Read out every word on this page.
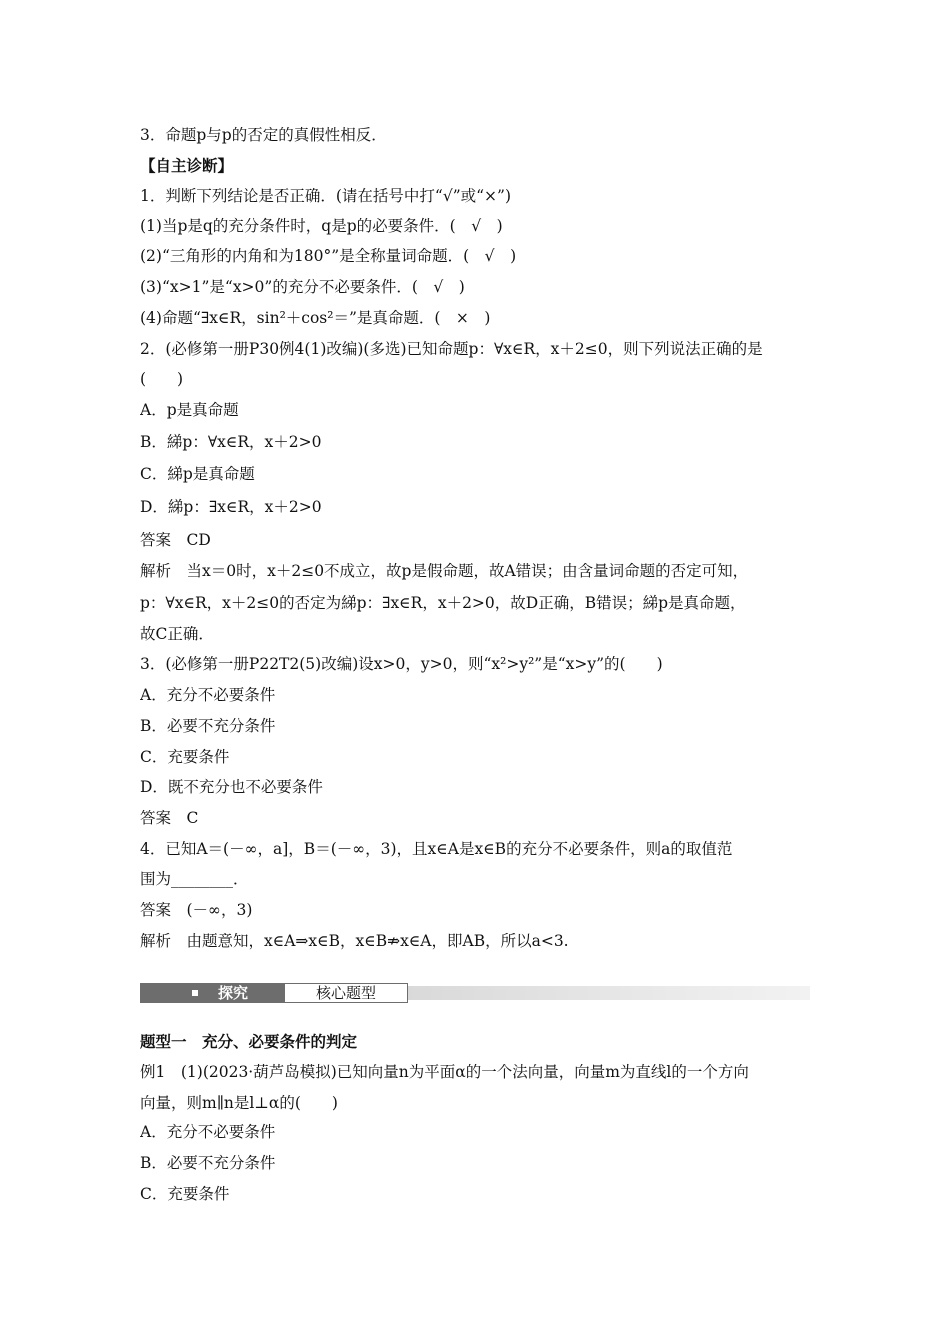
3．命题p与p的否定的真假性相反．
【自主诊断】
1．判断下列结论是否正确．(请在括号中打“√”或“×”)
(1)当p是q的充分条件时，q是p的必要条件．(　√　)
(2)“三角形的内角和为180°”是全称量词命题．(　√　)
(3)“x>1”是“x>0”的充分不必要条件．(　√　)
(4)命题“∃x∈R，sin²＋cos²＝”是真命题．(　×　)
2．(必修第一册P30例4(1)改编)(多选)已知命题p：∀x∈R，x＋2≤0，则下列说法正确的是
(　　)
A．p是真命题
B．綈p：∀x∈R，x＋2>0
C．綈p是真命题
D．綈p：∃x∈R，x＋2>0
答案　CD
解析　当x＝0时，x＋2≤0不成立，故p是假命题，故A错误；由含量词命题的否定可知，
p：∀x∈R，x＋2≤0的否定为綈p：∃x∈R，x＋2>0，故D正确，B错误；綈p是真命题，
故C正确．
3．(必修第一册P22T2(5)改编)设x>0，y>0，则“x²>y²”是“x>y”的(　　)
A．充分不必要条件
B．必要不充分条件
C．充要条件
D．既不充分也不必要条件
答案　C
4．已知A＝(－∞，a]，B＝(－∞，3)，且x∈A是x∈B的充分不必要条件，则a的取值范
围为________．
答案　(－∞，3)
解析　由题意知，x∈A⇒x∈B，x∈B⇏x∈A，即AB，所以a<3.
探究	核心题型
题型一　充分、必要条件的判定
例1　(1)(2023·葫芦岛模拟)已知向量n为平面α的一个法向量，向量m为直线l的一个方向
向量，则m∥n是l⊥α的(　　)
A．充分不必要条件
B．必要不充分条件
C．充要条件
